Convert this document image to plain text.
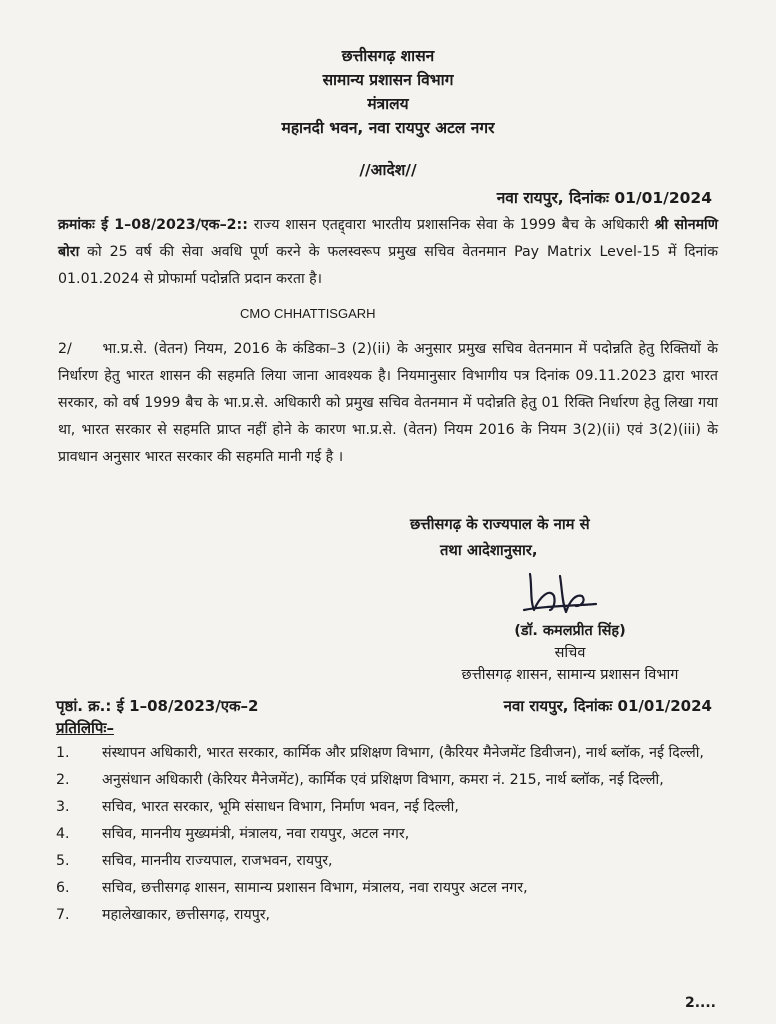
छत्तीसगढ़ शासन
सामान्य प्रशासन विभाग
मंत्रालय
महानदी भवन, नवा रायपुर अटल नगर
//आदेश//
नवा रायपुर, दिनांकः 01/01/2024
क्रमांकः ई 1–08/2023/एक–2:: राज्य शासन एतद्द्वारा भारतीय प्रशासनिक सेवा के 1999 बैच के अधिकारी श्री सोनमणि बोरा को 25 वर्ष की सेवा अवधि पूर्ण करने के फलस्वरूप प्रमुख सचिव वेतनमान Pay Matrix Level-15 में दिनांक 01.01.2024 से प्रोफार्मा पदोन्नति प्रदान करता है।
CMO CHHATTISGARH
2/ भा.प्र.से. (वेतन) नियम, 2016 के कंडिका–3 (2)(ii) के अनुसार प्रमुख सचिव वेतनमान में पदोन्नति हेतु रिक्तियों के निर्धारण हेतु भारत शासन की सहमति लिया जाना आवश्यक है। नियमानुसार विभागीय पत्र दिनांक 09.11.2023 द्वारा भारत सरकार, को वर्ष 1999 बैच के भा.प्र.से. अधिकारी को प्रमुख सचिव वेतनमान में पदोन्नति हेतु 01 रिक्ति निर्धारण हेतु लिखा गया था, भारत सरकार से सहमति प्राप्त नहीं होने के कारण भा.प्र.से. (वेतन) नियम 2016 के नियम 3(2)(ii) एवं 3(2)(iii) के प्रावधान अनुसार भारत सरकार की सहमति मानी गई है ।
छत्तीसगढ़ के राज्यपाल के नाम से
तथा आदेशानुसार,
(डॉ. कमलप्रीत सिंह)
सचिव
छत्तीसगढ़ शासन, सामान्य प्रशासन विभाग
पृष्ठां. क्र.: ई 1–08/2023/एक–2	नवा रायपुर, दिनांकः 01/01/2024
प्रतिलिपिः–
1.	संस्थापन अधिकारी, भारत सरकार, कार्मिक और प्रशिक्षण विभाग, (कैरियर मैनेजमेंट डिवीजन), नार्थ ब्लॉक, नई दिल्ली,
2.	अनुसंधान अधिकारी (केरियर मैनेजमेंट), कार्मिक एवं प्रशिक्षण विभाग, कमरा नं. 215, नार्थ ब्लॉक, नई दिल्ली,
3.	सचिव, भारत सरकार, भूमि संसाधन विभाग, निर्माण भवन, नई दिल्ली,
4.	सचिव, माननीय मुख्यमंत्री, मंत्रालय, नवा रायपुर, अटल नगर,
5.	सचिव, माननीय राज्यपाल, राजभवन, रायपुर,
6.	सचिव, छत्तीसगढ़ शासन, सामान्य प्रशासन विभाग, मंत्रालय, नवा रायपुर अटल नगर,
7.	महालेखाकार, छत्तीसगढ़, रायपुर,
2....
